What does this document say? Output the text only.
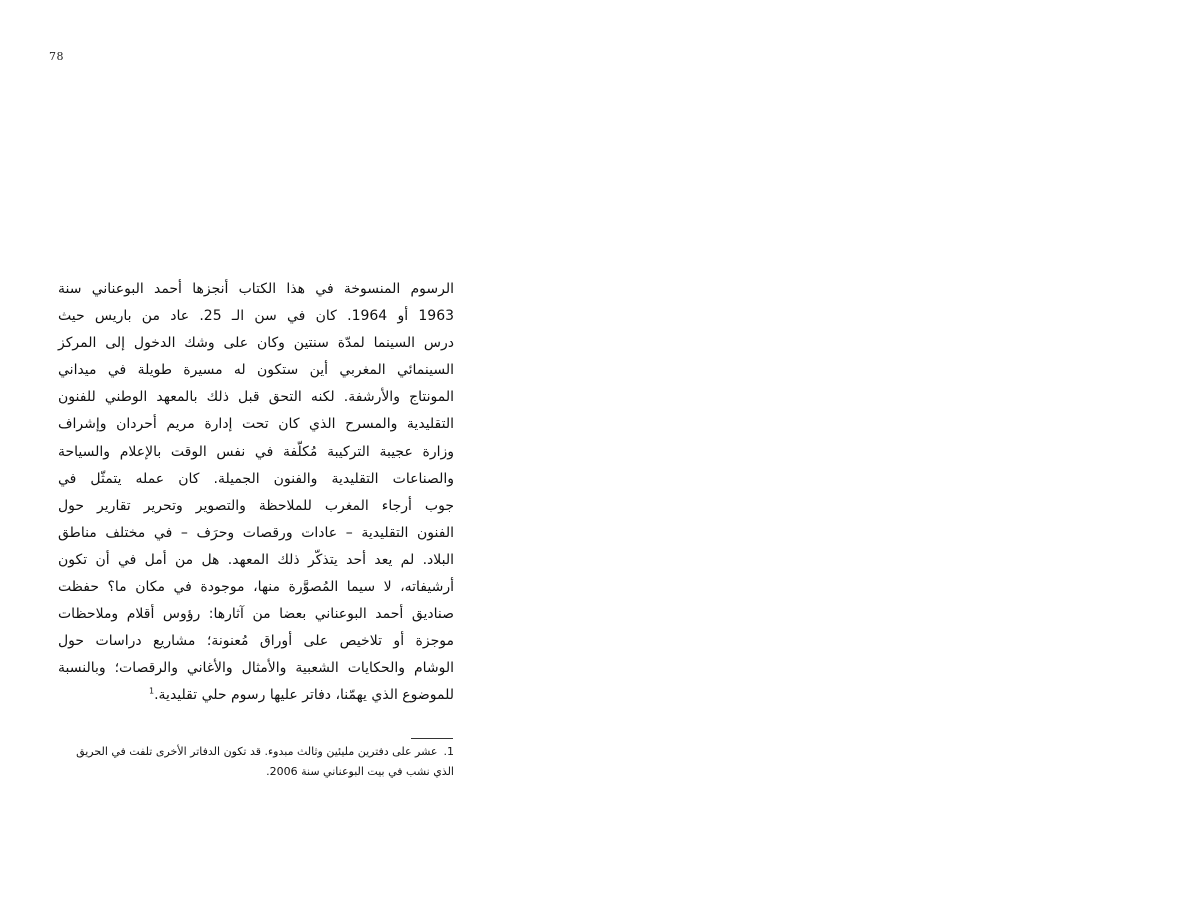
78

الرسوم المنسوخة في هذا الكتاب أنجزها أحمد البوعناني سنة
1963 أو 1964. كان في سن الـ 25. عاد من باريس حيث
درس السينما لمدّة سنتين وكان على وشك الدخول إلى المركز
السينمائي المغربي أين ستكون له مسيرة طويلة في ميداني
المونتاج والأرشفة. لكنه التحق قبل ذلك بالمعهد الوطني للفنون
التقليدية والمسرح الذي كان تحت إدارة مريم أحردان وإشراف
وزارة عجيبة التركيبة مُكلّفة في نفس الوقت بالإعلام والسياحة
والصناعات التقليدية والفنون الجميلة. كان عمله يتمثّل في
جوب أرجاء المغرب للملاحظة والتصوير وتحرير تقارير حول
الفنون التقليدية – عادات ورقصات وحرَف – في مختلف مناطق
البلاد. لم يعد أحد يتذكّر ذلك المعهد. هل من أمل في أن تكون
أرشيفاته، لا سيما المُصوَّرة منها، موجودة في مكان ما؟ حفظت
صناديق أحمد البوعناني بعضا من آثارها: رؤوس أقلام وملاحظات
موجزة أو تلاخيص على أوراق مُعنونة؛ مشاريع دراسات حول
الوشام والحكايات الشعبية والأمثال والأغاني والرقصات؛ وبالنسبة
للموضوع الذي يهمّنا، دفاتر عليها رسوم حلي تقليدية.$^1$

1.عشر على دفترين مليئين وثالث مبدوء. قد تكون الدفاتر الأخرى تلفت في الحريق
الذي نشب في بيت البوعناني سنة 2006.
